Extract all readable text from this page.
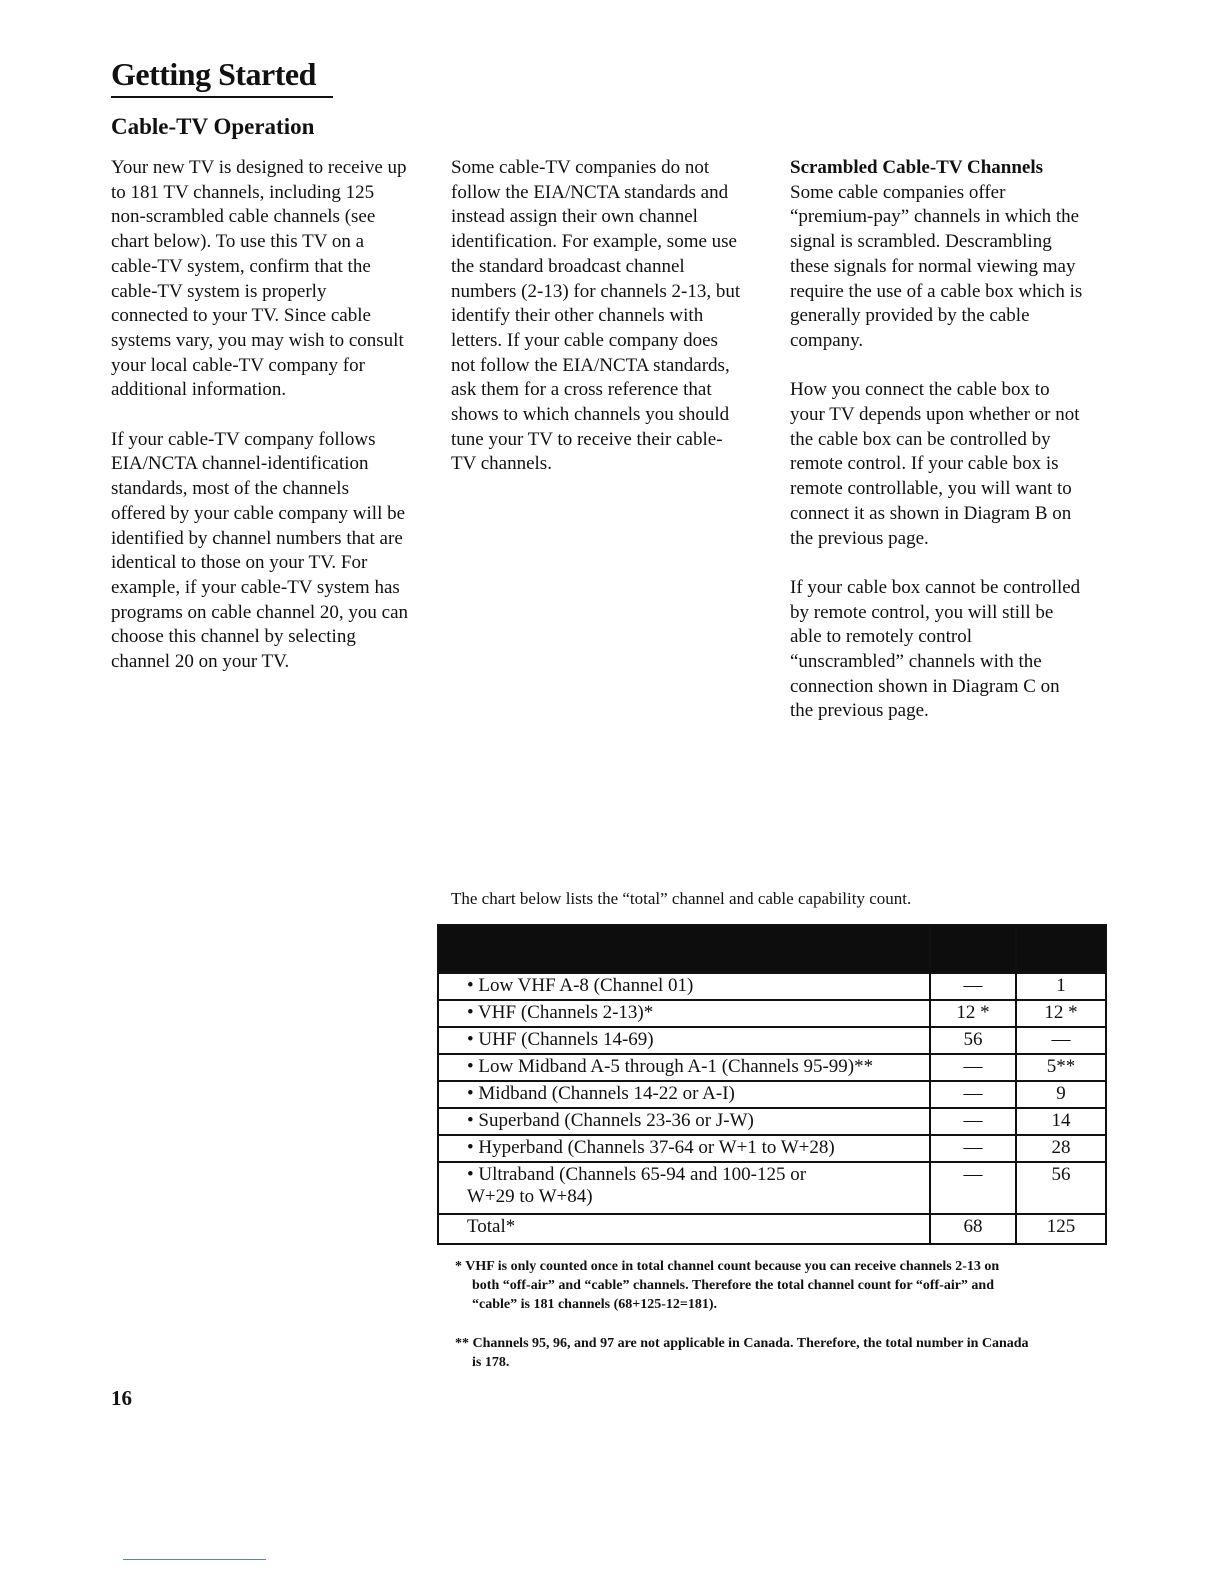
Getting Started
Cable-TV Operation

Your new TV is designed to receive up
to 181 TV channels, including 125
non-scrambled cable channels (see
chart below). To use this TV on a
cable-TV system, confirm that the
cable-TV system is properly
connected to your TV. Since cable
systems vary, you may wish to consult
your local cable-TV company for
additional information.

If your cable-TV company follows
EIA/NCTA channel-identification
standards, most of the channels
offered by your cable company will be
identified by channel numbers that are
identical to those on your TV. For
example, if your cable-TV system has
programs on cable channel 20, you can
choose this channel by selecting
channel 20 on your TV.

Some cable-TV companies do not
follow the EIA/NCTA standards and
instead assign their own channel
identification. For example, some use
the standard broadcast channel
numbers (2-13) for channels 2-13, but
identify their other channels with
letters. If your cable company does
not follow the EIA/NCTA standards,
ask them for a cross reference that
shows to which channels you should
tune your TV to receive their cable-
TV channels.

Scrambled Cable-TV Channels
Some cable companies offer
“premium-pay” channels in which the
signal is scrambled. Descrambling
these signals for normal viewing may
require the use of a cable box which is
generally provided by the cable
company.

How you connect the cable box to
your TV depends upon whether or not
the cable box can be controlled by
remote control. If your cable box is
remote controllable, you will want to
connect it as shown in Diagram B on
the previous page.

If your cable box cannot be controlled
by remote control, you will still be
able to remotely control
“unscrambled” channels with the
connection shown in Diagram C on
the previous page.

The chart below lists the “total” channel and cable capability count.

• Low VHF A-8 (Channel 01)	—	1
• VHF (Channels 2-13)*	12 *	12 *
• UHF (Channels 14-69)	56	—
• Low Midband A-5 through A-1 (Channels 95-99)**	—	5**
• Midband (Channels 14-22 or A-I)	—	9
• Superband (Channels 23-36 or J-W)	—	14
• Hyperband (Channels 37-64 or W+1 to W+28)	—	28
• Ultraband (Channels 65-94 and 100-125 or
W+29 to W+84)	—	56
Total*	68	125
* VHF is only counted once in total channel count because you can receive channels 2-13 on
both “off-air” and “cable” channels. Therefore the total channel count for “off-air” and
“cable” is 181 channels (68+125-12=181).
** Channels 95, 96, and 97 are not applicable in Canada. Therefore, the total number in Canada
is 178.
16
